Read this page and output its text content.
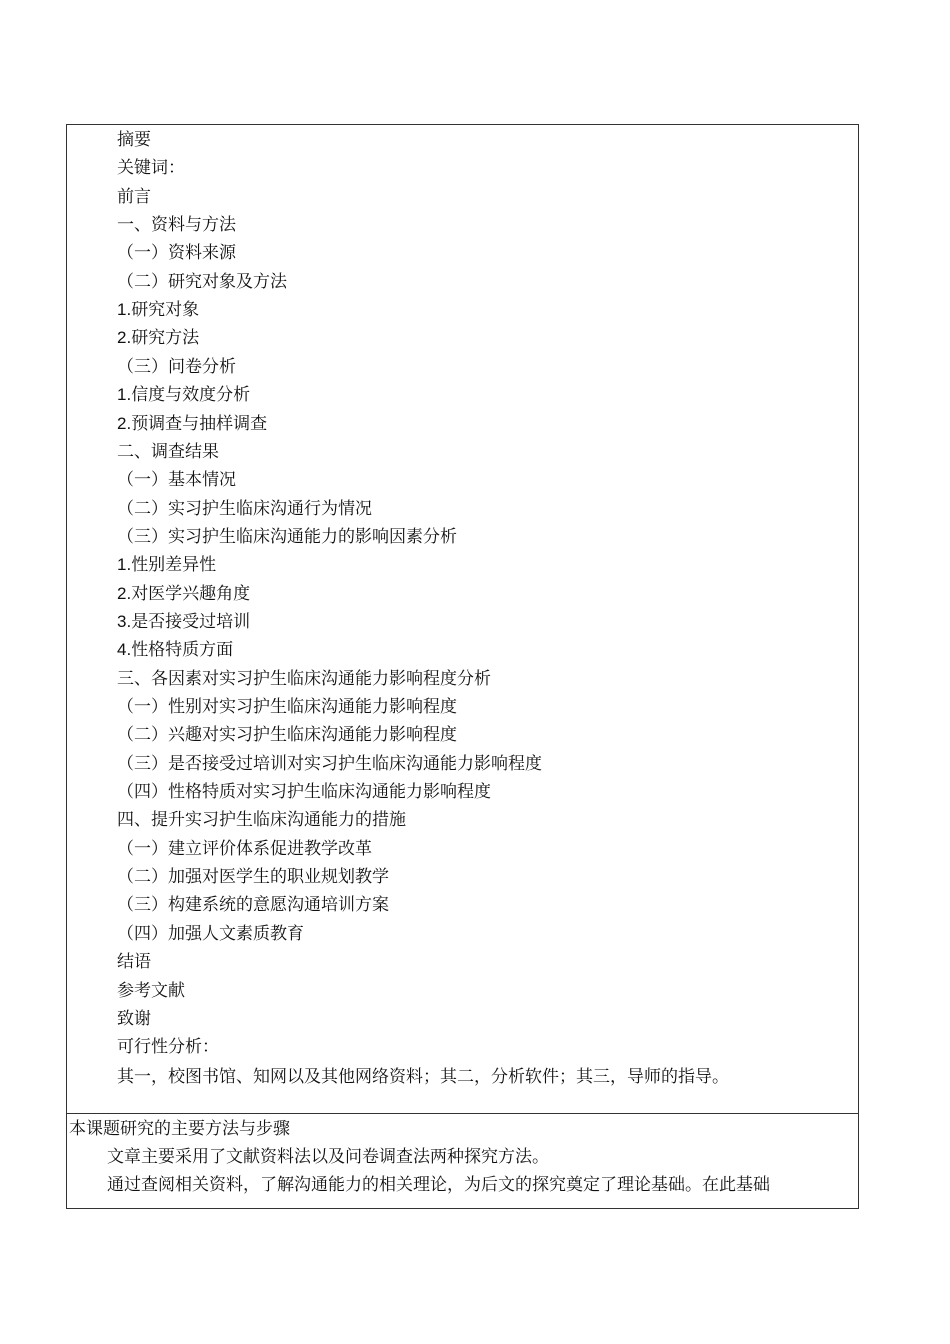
摘要
关键词：
前言
一、资料与方法
（一）资料来源
（二）研究对象及方法
1.研究对象
2.研究方法
（三）问卷分析
1.信度与效度分析
2.预调查与抽样调查
二、调查结果
（一）基本情况
（二）实习护生临床沟通行为情况
（三）实习护生临床沟通能力的影响因素分析
1.性别差异性
2.对医学兴趣角度
3.是否接受过培训
4.性格特质方面
三、各因素对实习护生临床沟通能力影响程度分析
（一）性别对实习护生临床沟通能力影响程度
（二）兴趣对实习护生临床沟通能力影响程度
（三）是否接受过培训对实习护生临床沟通能力影响程度
（四）性格特质对实习护生临床沟通能力影响程度
四、提升实习护生临床沟通能力的措施
（一）建立评价体系促进教学改革
（二）加强对医学生的职业规划教学
（三）构建系统的意愿沟通培训方案
（四）加强人文素质教育
结语
参考文献
致谢
可行性分析：
其一，校图书馆、知网以及其他网络资料；其二，分析软件；其三，导师的指导。
本课题研究的主要方法与步骤
文章主要采用了文献资料法以及问卷调查法两种探究方法。
通过查阅相关资料，了解沟通能力的相关理论，为后文的探究奠定了理论基础。在此基础
